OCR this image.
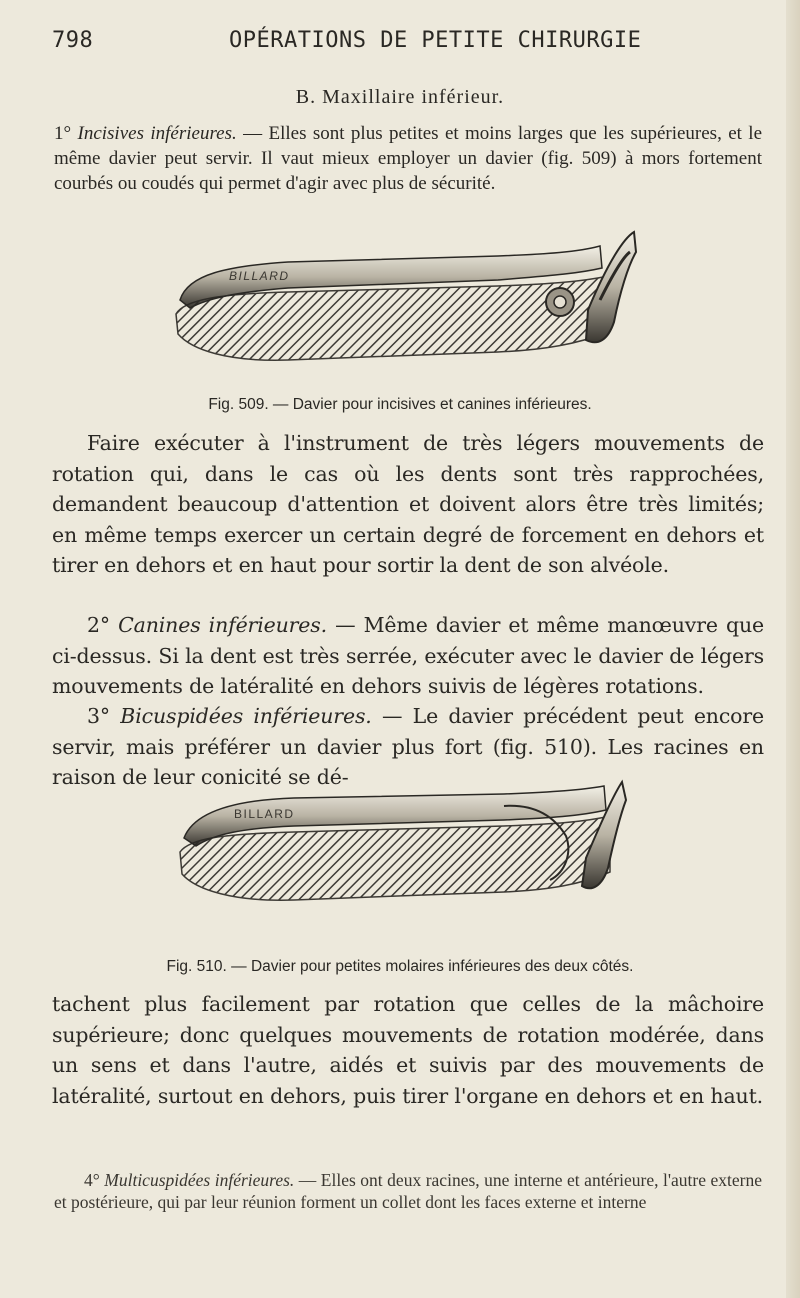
798	OPÉRATIONS DE PETITE CHIRURGIE
B. Maxillaire inférieur.
1° Incisives inférieures. — Elles sont plus petites et moins larges que les supérieures, et le même davier peut servir. Il vaut mieux employer un davier (fig. 509) à mors fortement courbés ou coudés qui permet d'agir avec plus de sécurité.
BILLARD
Fig. 509. — Davier pour incisives et canines inférieures.
Faire exécuter à l'instrument de très légers mouvements de rotation qui, dans le cas où les dents sont très rapprochées, demandent beaucoup d'attention et doivent alors être très limités; en même temps exercer un certain degré de forcement en dehors et tirer en dehors et en haut pour sortir la dent de son alvéole.
2° Canines inférieures. — Même davier et même manœuvre que ci-dessus. Si la dent est très serrée, exécuter avec le davier de légers mouvements de latéralité en dehors suivis de légères rotations.
3° Bicuspidées inférieures. — Le davier précédent peut encore servir, mais préférer un davier plus fort (fig. 510). Les racines en raison de leur conicité se dé-
BILLARD
Fig. 510. — Davier pour petites molaires inférieures des deux côtés.
tachent plus facilement par rotation que celles de la mâchoire supérieure; donc quelques mouvements de rotation modérée, dans un sens et dans l'autre, aidés et suivis par des mouvements de latéralité, surtout en dehors, puis tirer l'organe en dehors et en haut.
4° Multicuspidées inférieures. — Elles ont deux racines, une interne et antérieure, l'autre externe et postérieure, qui par leur réunion forment un collet dont les faces externe et interne
